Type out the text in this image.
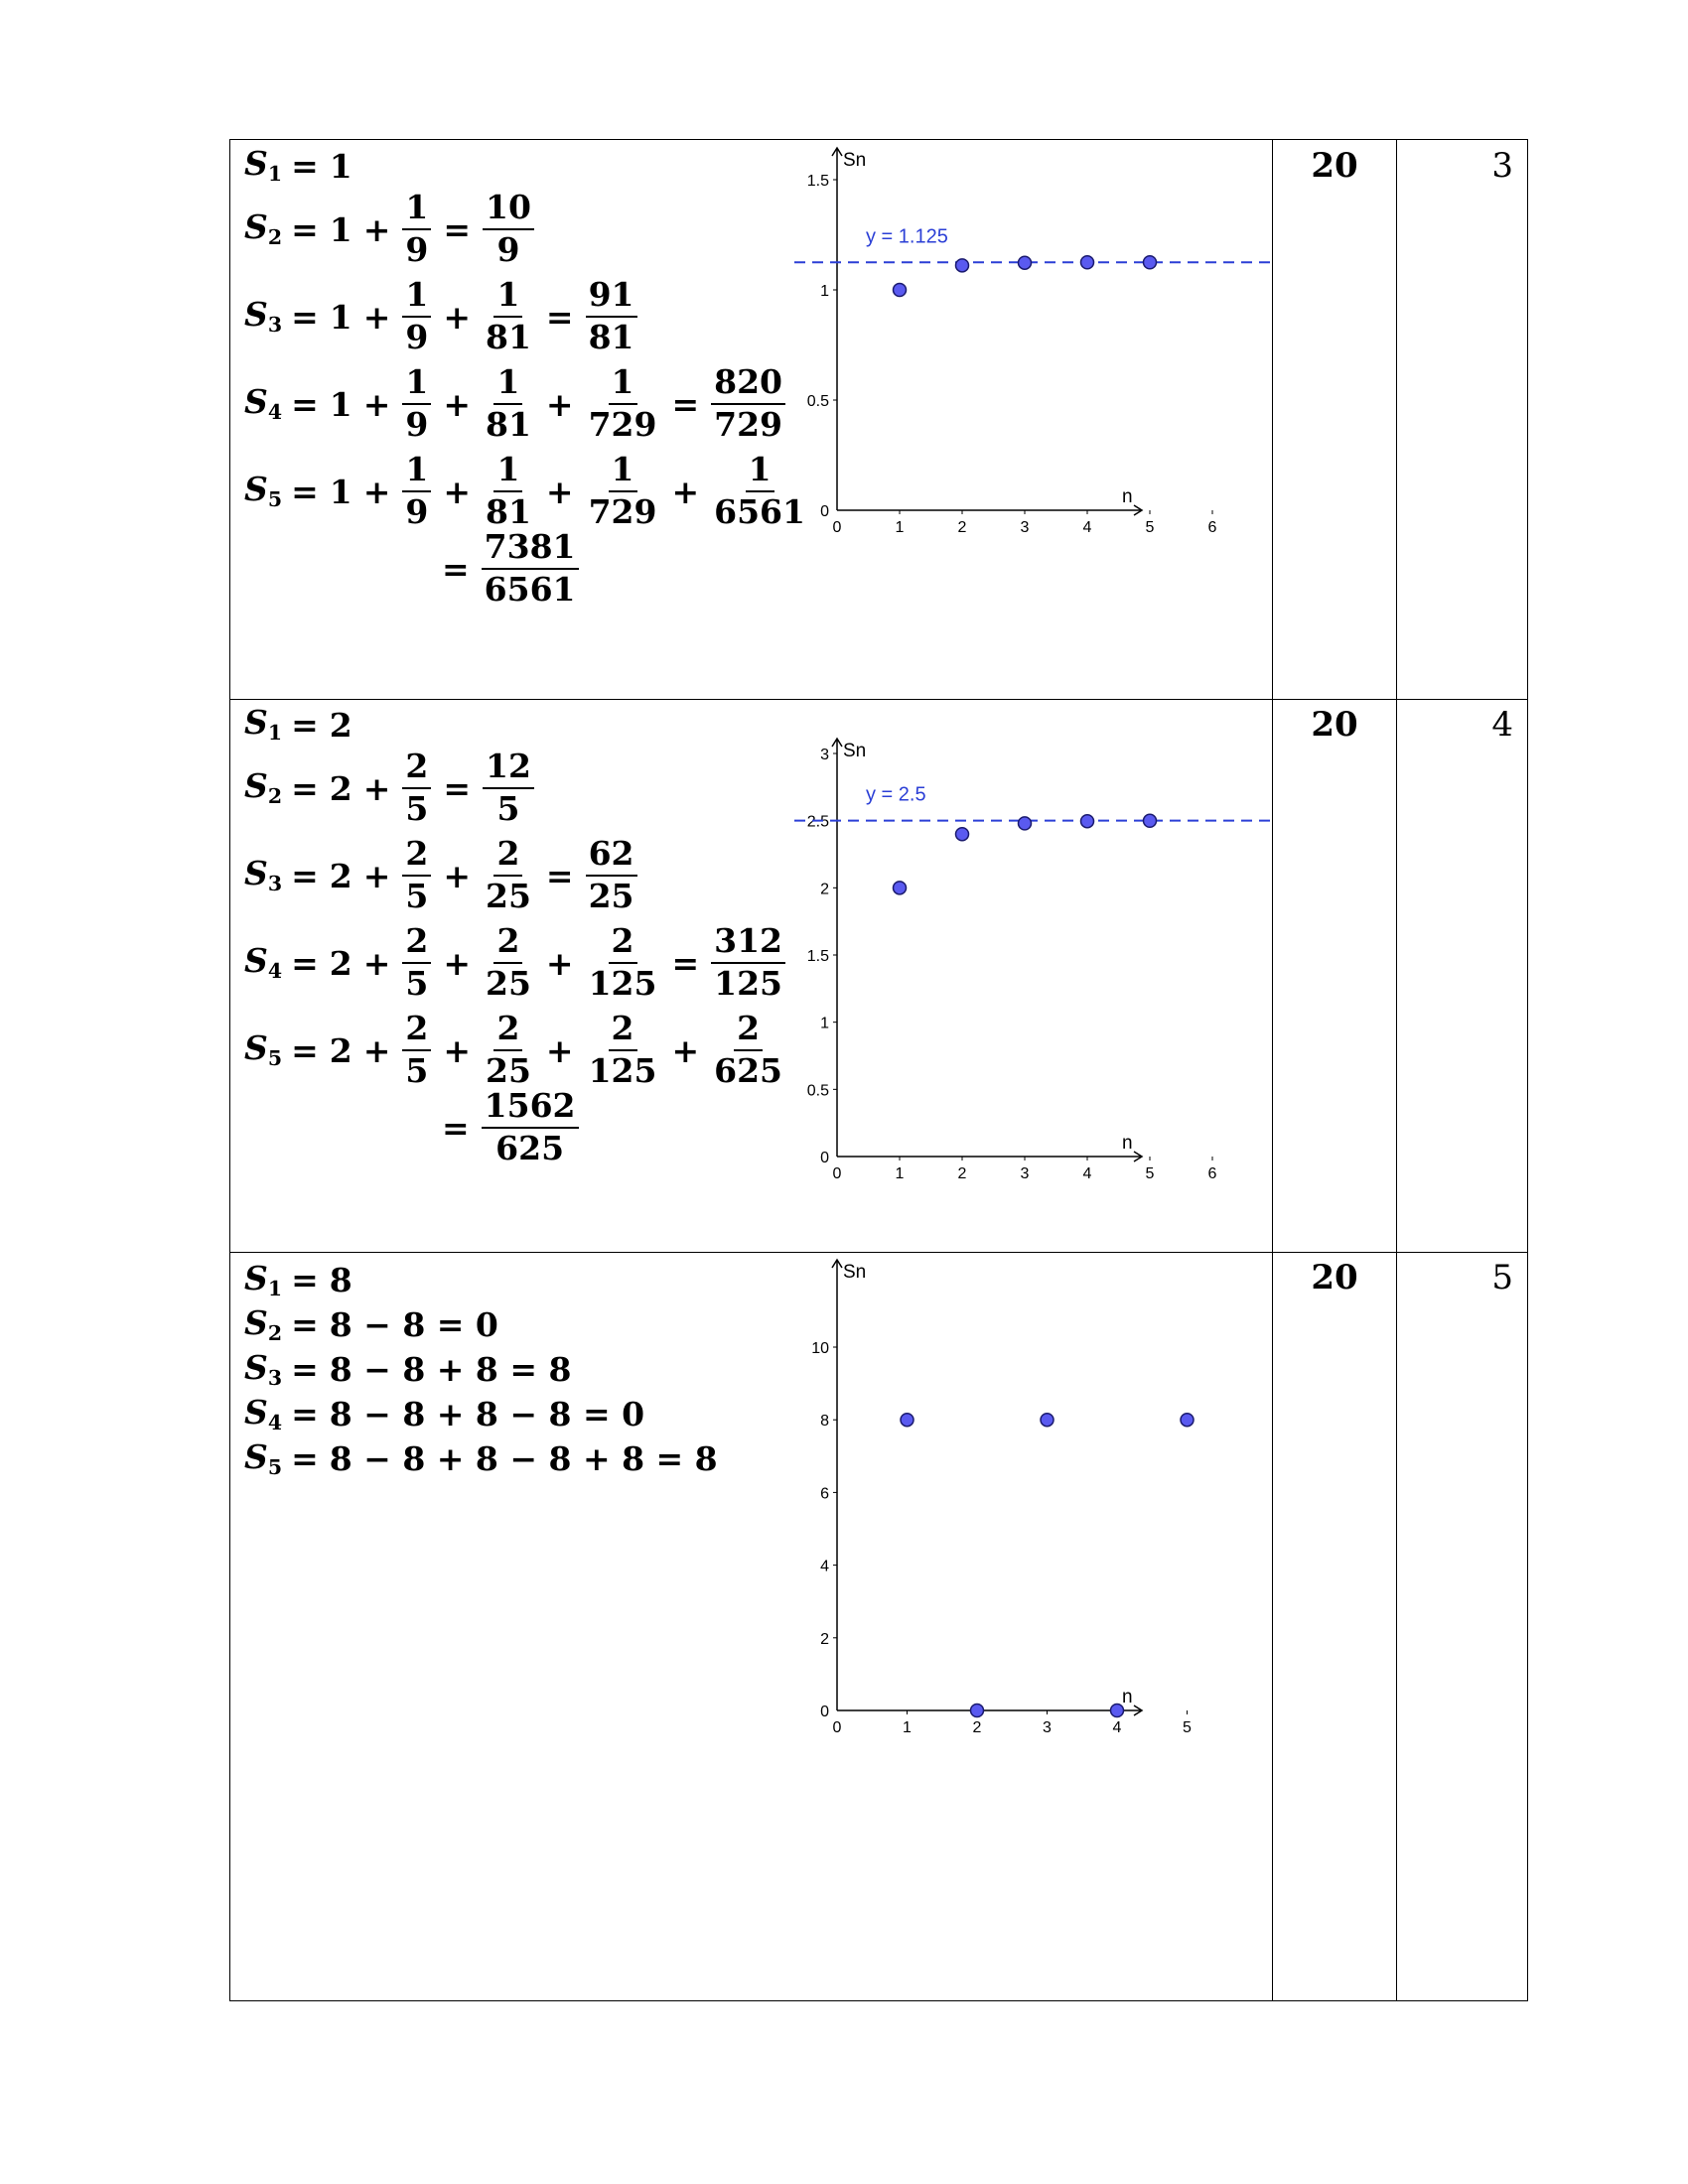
$S_1 = 1$
$S_2 = 1 + \frac{1}{9} = \frac{10}{9}$
$S_3 = 1 + \frac{1}{9} + \frac{1}{81} = \frac{91}{81}$
$S_4 = 1 + \frac{1}{9} + \frac{1}{81} + \frac{1}{729} = \frac{820}{729}$
$S_5 = 1 + \frac{1}{9} + \frac{1}{81} + \frac{1}{729} + \frac{1}{6561}$
= $\frac{7381}{6561}$
Sn
n
0	1	2	3	4	5	6
0
0.5
1
1.5
y = 1.125
20	3
$S_1 = 2$
$S_2 = 2 + \frac{2}{5} = \frac{12}{5}$
$S_3 = 2 + \frac{2}{5} + \frac{2}{25} = \frac{62}{25}$
$S_4 = 2 + \frac{2}{5} + \frac{2}{25} + \frac{2}{125} = \frac{312}{125}$
$S_5 = 2 + \frac{2}{5} + \frac{2}{25} + \frac{2}{125} + \frac{2}{625}$
= $\frac{1562}{625}$
Sn
n
0	1	2	3	4	5	6
0
0.5
1
1.5
2
2.5
3
y = 2.5
20	4
$S_1 = 8$
$S_2 = 8 - 8 = 0$
$S_3 = 8 - 8 + 8 = 8$
$S_4 = 8 - 8 + 8 - 8 = 0$
$S_5 = 8 - 8 + 8 - 8 + 8 = 8$
Sn
n
0	1	2	3	4	5
0
2
4
6
8
10
20	5
